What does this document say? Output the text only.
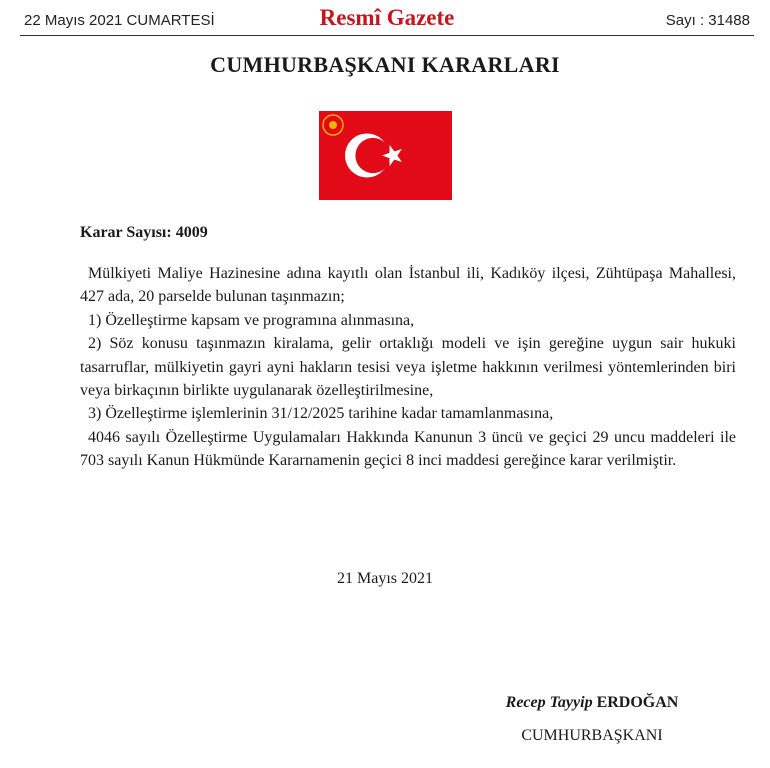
22 Mayıs 2021 CUMARTESİ	Resmî Gazete	Sayı : 31488
CUMHURBAŞKANI KARARLARI
Karar Sayısı: 4009

Mülkiyeti Maliye Hazinesine adına kayıtlı olan İstanbul ili, Kadıköy ilçesi, Zühtüpaşa Mahallesi, 427 ada, 20 parselde bulunan taşınmazın;

1) Özelleştirme kapsam ve programına alınmasına,

2) Söz konusu taşınmazın kiralama, gelir ortaklığı modeli ve işin gereğine uygun sair hukuki tasarruflar, mülkiyetin gayri ayni hakların tesisi veya işletme hakkının verilmesi yöntemlerinden biri veya birkaçının birlikte uygulanarak özelleştirilmesine,

3) Özelleştirme işlemlerinin 31/12/2025 tarihine kadar tamamlanmasına,

4046 sayılı Özelleştirme Uygulamaları Hakkında Kanunun 3 üncü ve geçici 29 uncu maddeleri ile 703 sayılı Kanun Hükmünde Kararnamenin geçici 8 inci maddesi gereğince karar verilmiştir.

21 Mayıs 2021
Recep Tayyip ERDOĞAN
CUMHURBAŞKANI
